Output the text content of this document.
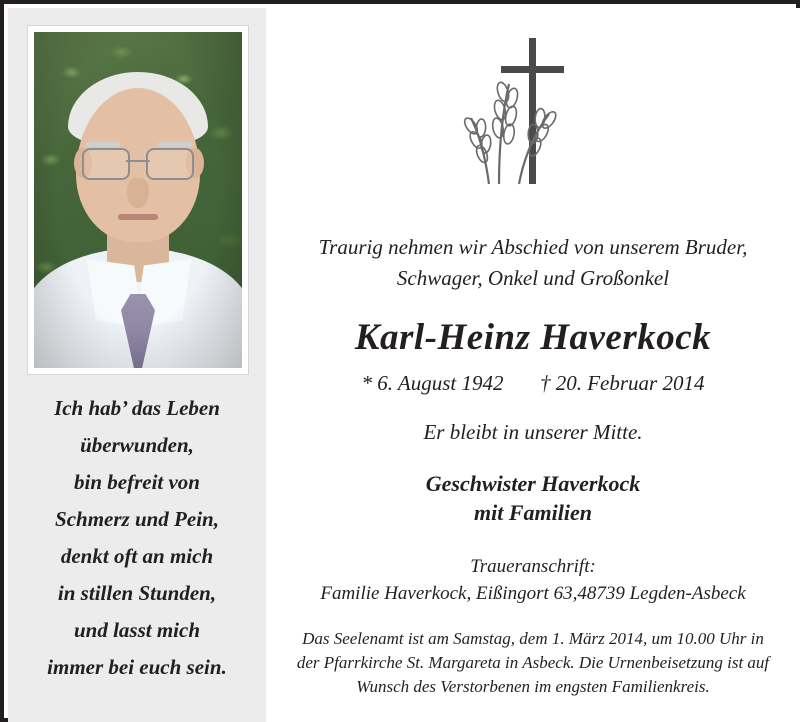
Ich hab’ das Leben
überwunden,
bin befreit von
Schmerz und Pein,
denkt oft an mich
in stillen Stunden,
und lasst mich
immer bei euch sein.
Traurig nehmen wir Abschied von unserem Bruder,
Schwager, Onkel und Großonkel
Karl-Heinz Haverkock
* 6. August 1942 † 20. Februar 2014
Er bleibt in unserer Mitte.
Geschwister Haverkock
mit Familien
Traueranschrift:
Familie Haverkock, Eißingort 63,48739 Legden-Asbeck
Das Seelenamt ist am Samstag, dem 1. März 2014, um 10.00 Uhr in
der Pfarrkirche St. Margareta in Asbeck. Die Urnenbeisetzung ist auf
Wunsch des Verstorbenen im engsten Familienkreis.
